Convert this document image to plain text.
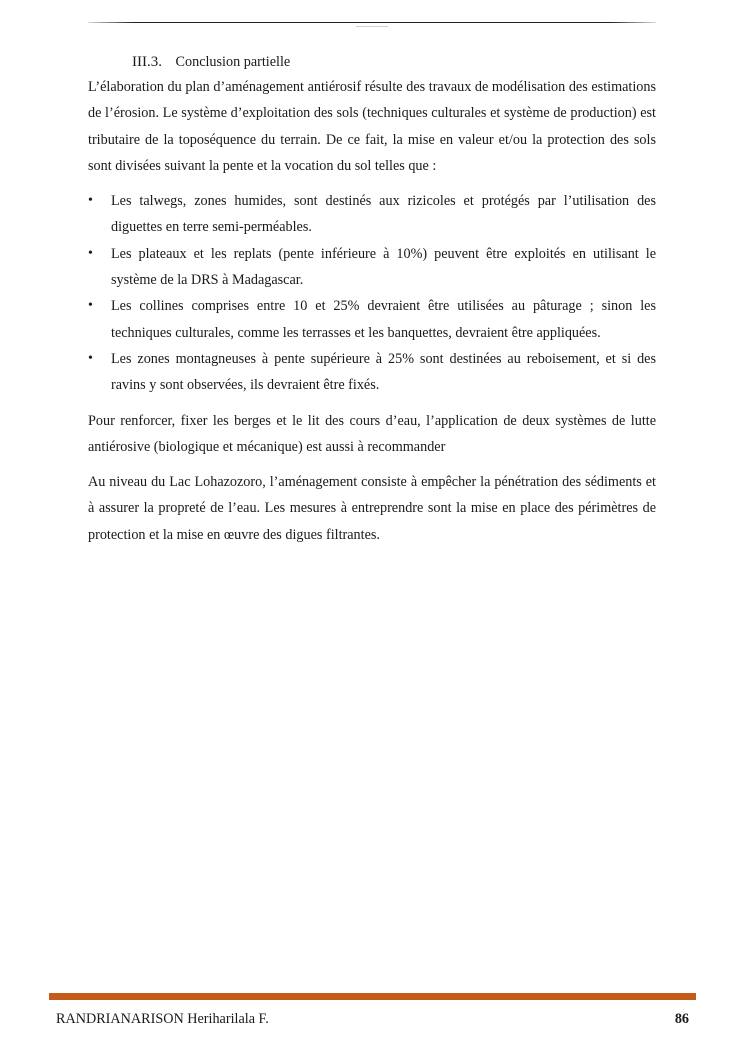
III.3. Conclusion partielle

L’élaboration du plan d’aménagement antiérosif résulte des travaux de modélisation des estimations de l’érosion. Le système d’exploitation des sols (techniques culturales et système de production) est tributaire de la toposéquence du terrain. De ce fait, la mise en valeur et/ou la protection des sols sont divisées suivant la pente et la vocation du sol telles que :

• Les talwegs, zones humides, sont destinés aux rizicoles et protégés par l’utilisation des diguettes en terre semi-perméables.
• Les plateaux et les replats (pente inférieure à 10%) peuvent être exploités en utilisant le système de la DRS à Madagascar.
• Les collines comprises entre 10 et 25% devraient être utilisées au pâturage ; sinon les techniques culturales, comme les terrasses et les banquettes, devraient être appliquées.
• Les zones montagneuses à pente supérieure à 25% sont destinées au reboisement, et si des ravins y sont observées, ils devraient être fixés.

Pour renforcer, fixer les berges et le lit des cours d’eau, l’application de deux systèmes de lutte antiérosive (biologique et mécanique) est aussi à recommander

Au niveau du Lac Lohazozoro, l’aménagement consiste à empêcher la pénétration des sédiments et à assurer la propreté de l’eau. Les mesures à entreprendre sont la mise en place des périmètres de protection et la mise en œuvre des digues filtrantes.

RANDRIANARISON Heriharilala F.	86
